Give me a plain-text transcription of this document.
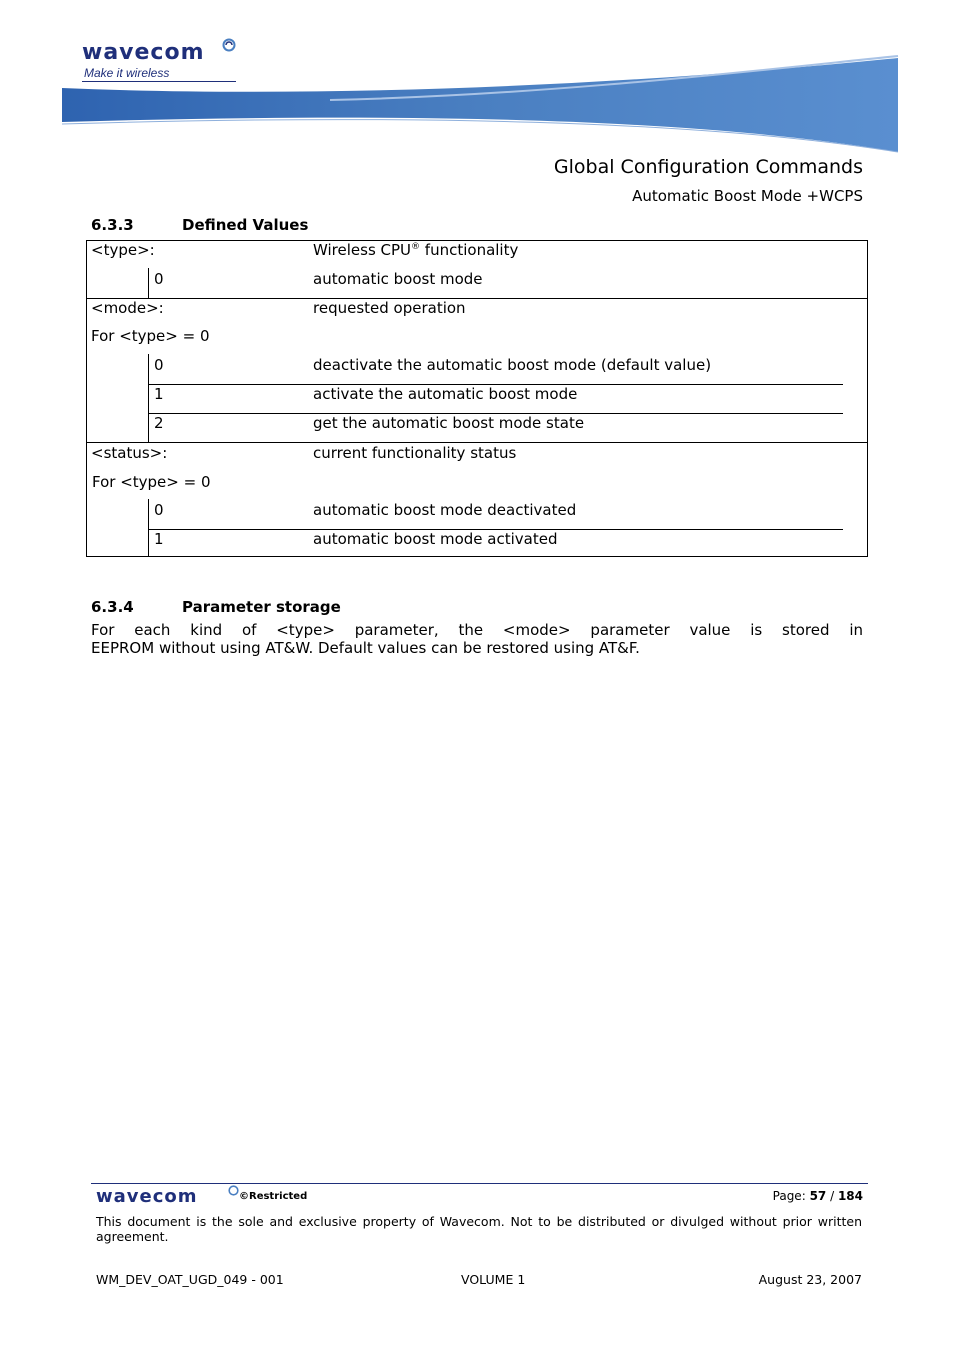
wavecom
Make it wireless
Global Configuration Commands
Automatic Boost Mode +WCPS
6.3.3	Defined Values
<type>:	Wireless CPU® functionality
0	automatic boost mode
<mode>:	requested operation
For <type> = 0
0	deactivate the automatic boost mode (default value)
1	activate the automatic boost mode
2	get the automatic boost mode state
<status>:	current functionality status
For <type> = 0
0	automatic boost mode deactivated
1	automatic boost mode activated
6.3.4	Parameter storage
For each kind of <type> parameter, the <mode> parameter value is stored in
EEPROM without using AT&W. Default values can be restored using AT&F.
wavecom	©Restricted	Page: 57 / 184
This document is the sole and exclusive property of Wavecom. Not to be distributed or divulged without prior written agreement.
WM_DEV_OAT_UGD_049 - 001	VOLUME 1	August 23, 2007
